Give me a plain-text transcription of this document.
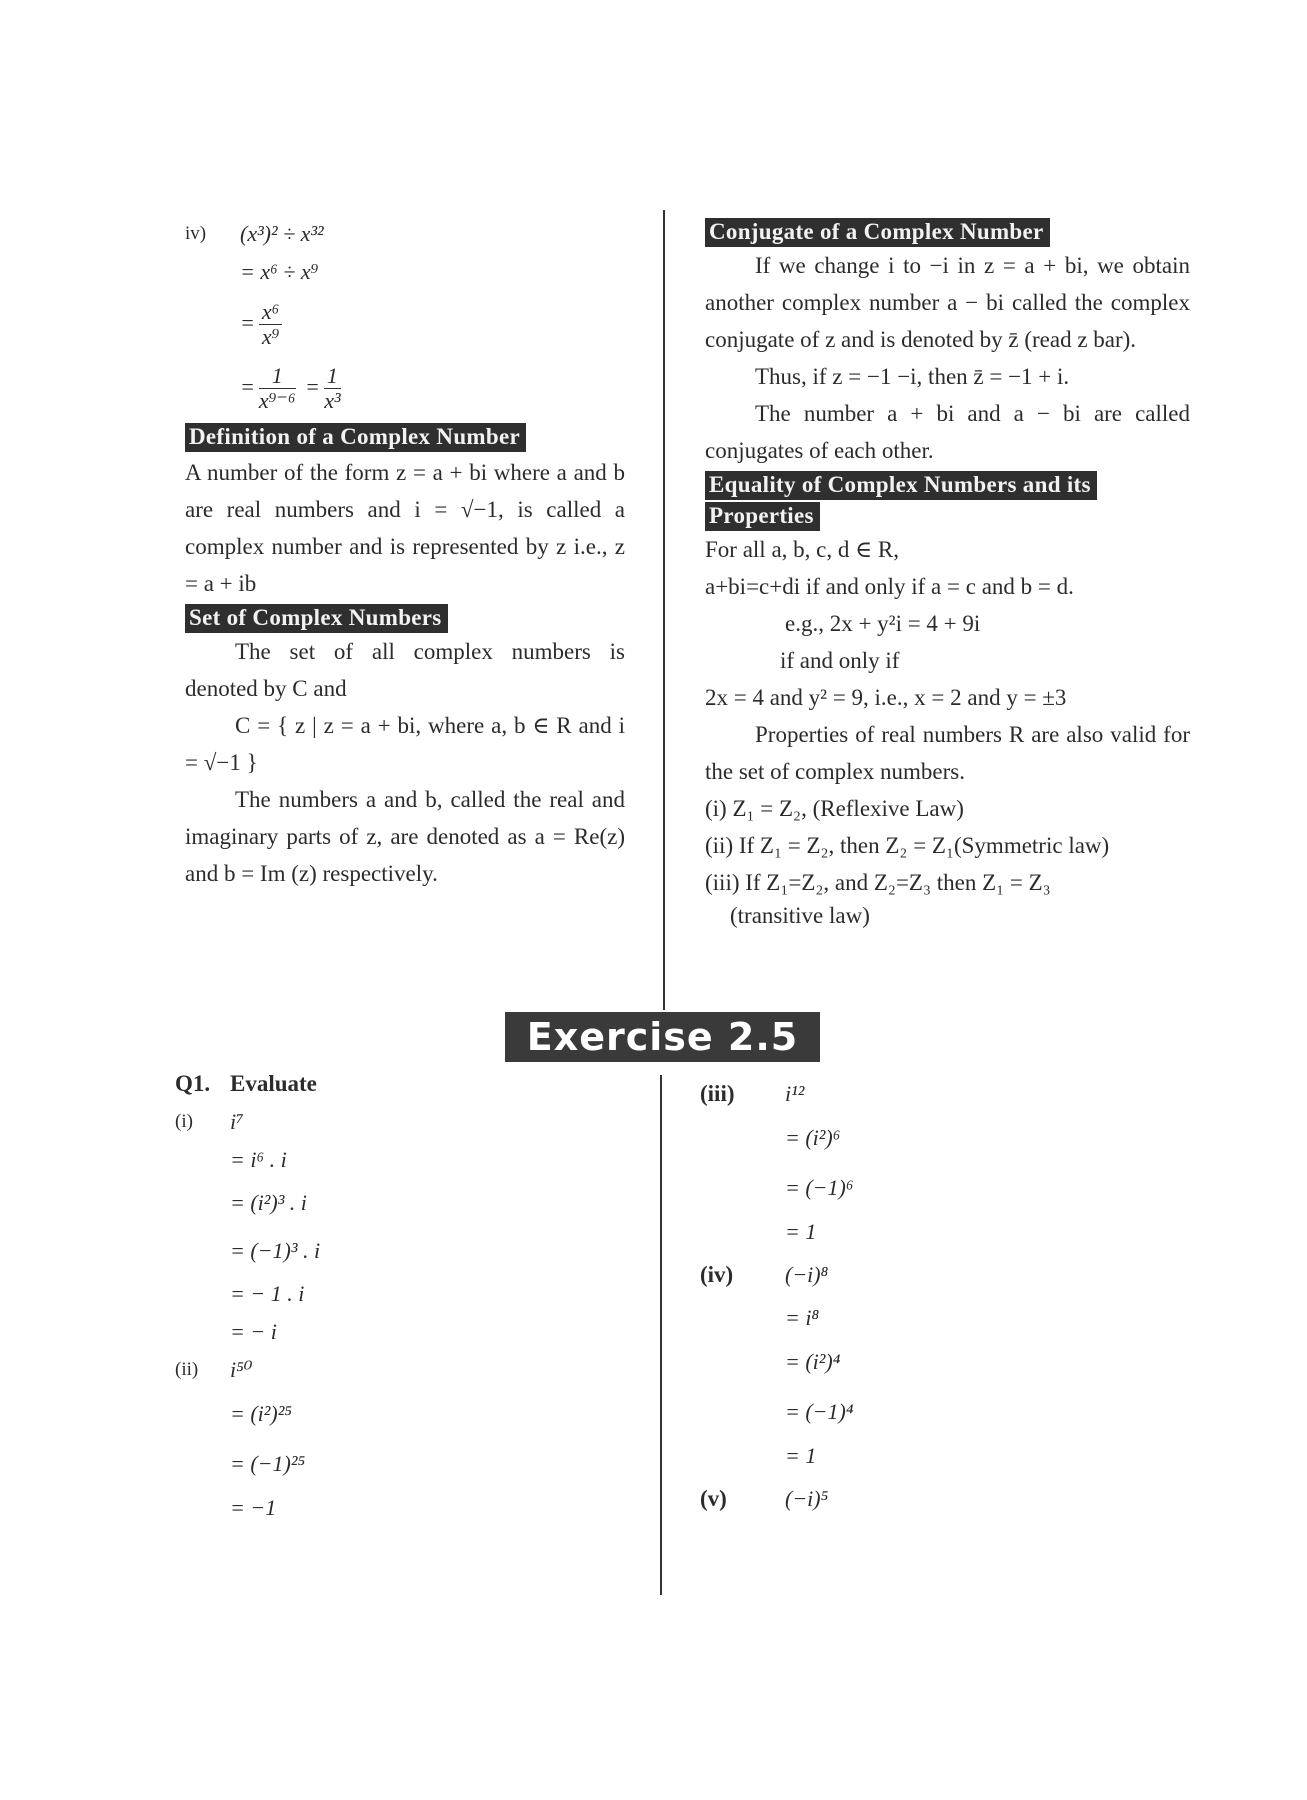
iv) (x³)² ÷ x³²
= x⁶ ÷ x⁹
= $\frac{\text{x⁶}}{\text{x⁹}}$
= $\frac{1}{\text{x⁹⁻⁶}} = \frac{1}{\text{x³}}$
Definition of a Complex Number
A number of the form z = a + bi where a and b are real numbers and i = √−1, is called a complex number and is represented by z i.e., z = a + ib
Set of Complex Numbers
The set of all complex numbers is denoted by C and
C = { z | z = a + bi, where a, b ∈ R and i = √−1 }
The numbers a and b, called the real and imaginary parts of z, are denoted as a = Re(z) and b = Im (z) respectively.
Conjugate of a Complex Number
If we change i to −i in z = a + bi, we obtain another complex number a − bi called the complex conjugate of z and is denoted by z̄ (read z bar).
Thus, if z = −1 −i, then z̄ = −1 + i.
The number a + bi and a − bi are called conjugates of each other.
Equality of Complex Numbers and its
Properties
For all a, b, c, d ∈ R,
a+bi=c+di if and only if a = c and b = d.
e.g., 2x + y²i = 4 + 9i
if and only if
2x = 4 and y² = 9, i.e., x = 2 and y = ±3
Properties of real numbers R are also valid for the set of complex numbers.
(i) Z₁ = Z₂, (Reflexive Law)
(ii) If Z₁ = Z₂, then Z₂ = Z₁(Symmetric law)
(iii) If Z₁=Z₂, and Z₂=Z₃ then Z₁ = Z₃
(transitive law)
Exercise 2.5
Q1. Evaluate
(i) i⁷
= i⁶ . i
= (i²)³ . i
= (−1)³ . i
= − 1 . i
= − i
(ii) i⁵⁰
= (i²)²⁵
= (−1)²⁵
= −1
(iii) i¹²
= (i²)⁶
= (−1)⁶
= 1
(iv) (−i)⁸
= i⁸
= (i²)⁴
= (−1)⁴
= 1
(v)	(−i)⁵
